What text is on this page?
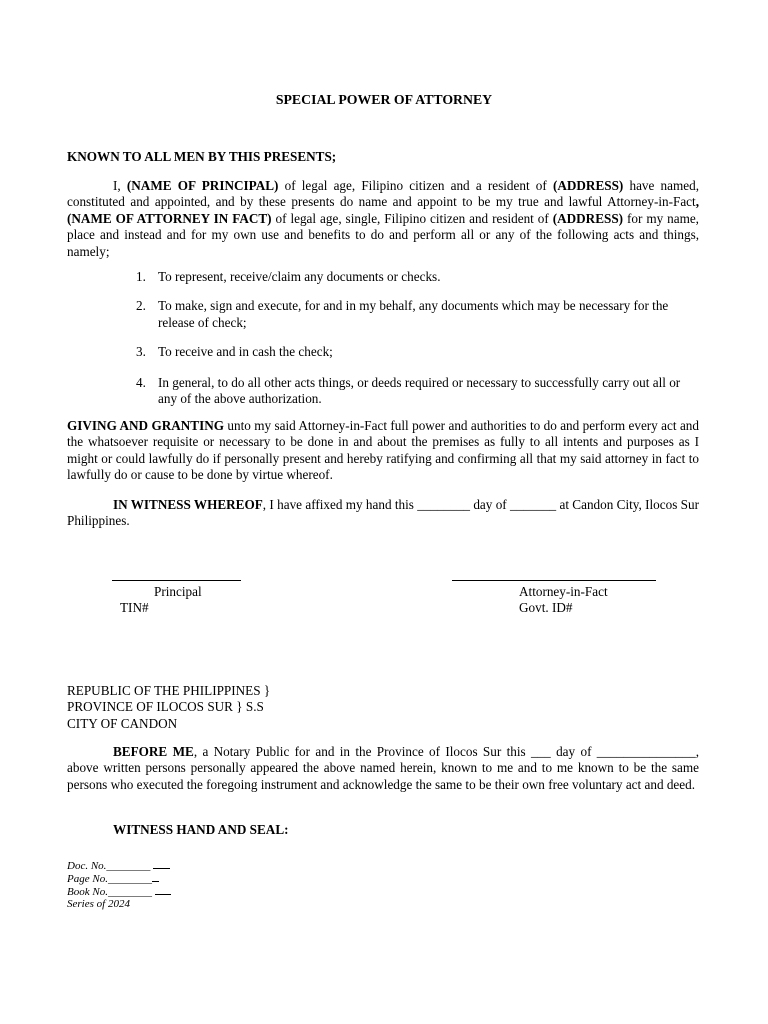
SPECIAL POWER OF ATTORNEY

KNOWN TO ALL MEN BY THIS PRESENTS;

I, (NAME OF PRINCIPAL) of legal age, Filipino citizen and a resident of (ADDRESS) have named, constituted and appointed, and by these presents do name and appoint to be my true and lawful Attorney-in-Fact, (NAME OF ATTORNEY IN FACT) of legal age, single, Filipino citizen and resident of (ADDRESS) for my name, place and instead and for my own use and benefits to do and perform all or any of the following acts and things, namely;

1. To represent, receive/claim any documents or checks.
2. To make, sign and execute, for and in my behalf, any documents which may be necessary for the release of check;
3. To receive and in cash the check;
4. In general, to do all other acts things, or deeds required or necessary to successfully carry out all or any of the above authorization.

GIVING AND GRANTING unto my said Attorney-in-Fact full power and authorities to do and perform every act and the whatsoever requisite or necessary to be done in and about the premises as fully to all intents and purposes as I might or could lawfully do if personally present and hereby ratifying and confirming all that my said attorney in fact to lawfully do or cause to be done by virtue whereof.

IN WITNESS WHEREOF, I have affixed my hand this ________ day of _______ at Candon City, Ilocos Sur Philippines.

Principal
TIN#
Attorney-in-Fact
Govt. ID#
REPUBLIC OF THE PHILIPPINES }
PROVINCE OF ILOCOS SUR } S.S
CITY OF CANDON

BEFORE ME, a Notary Public for and in the Province of Ilocos Sur this ___ day of _______________, above written persons personally appeared the above named herein, known to me and to me known to be the same persons who executed the foregoing instrument and acknowledge the same to be their own free voluntary act and deed.

WITNESS HAND AND SEAL:
Doc. No.________
Page No.________
Book No.________
Series of 2024
